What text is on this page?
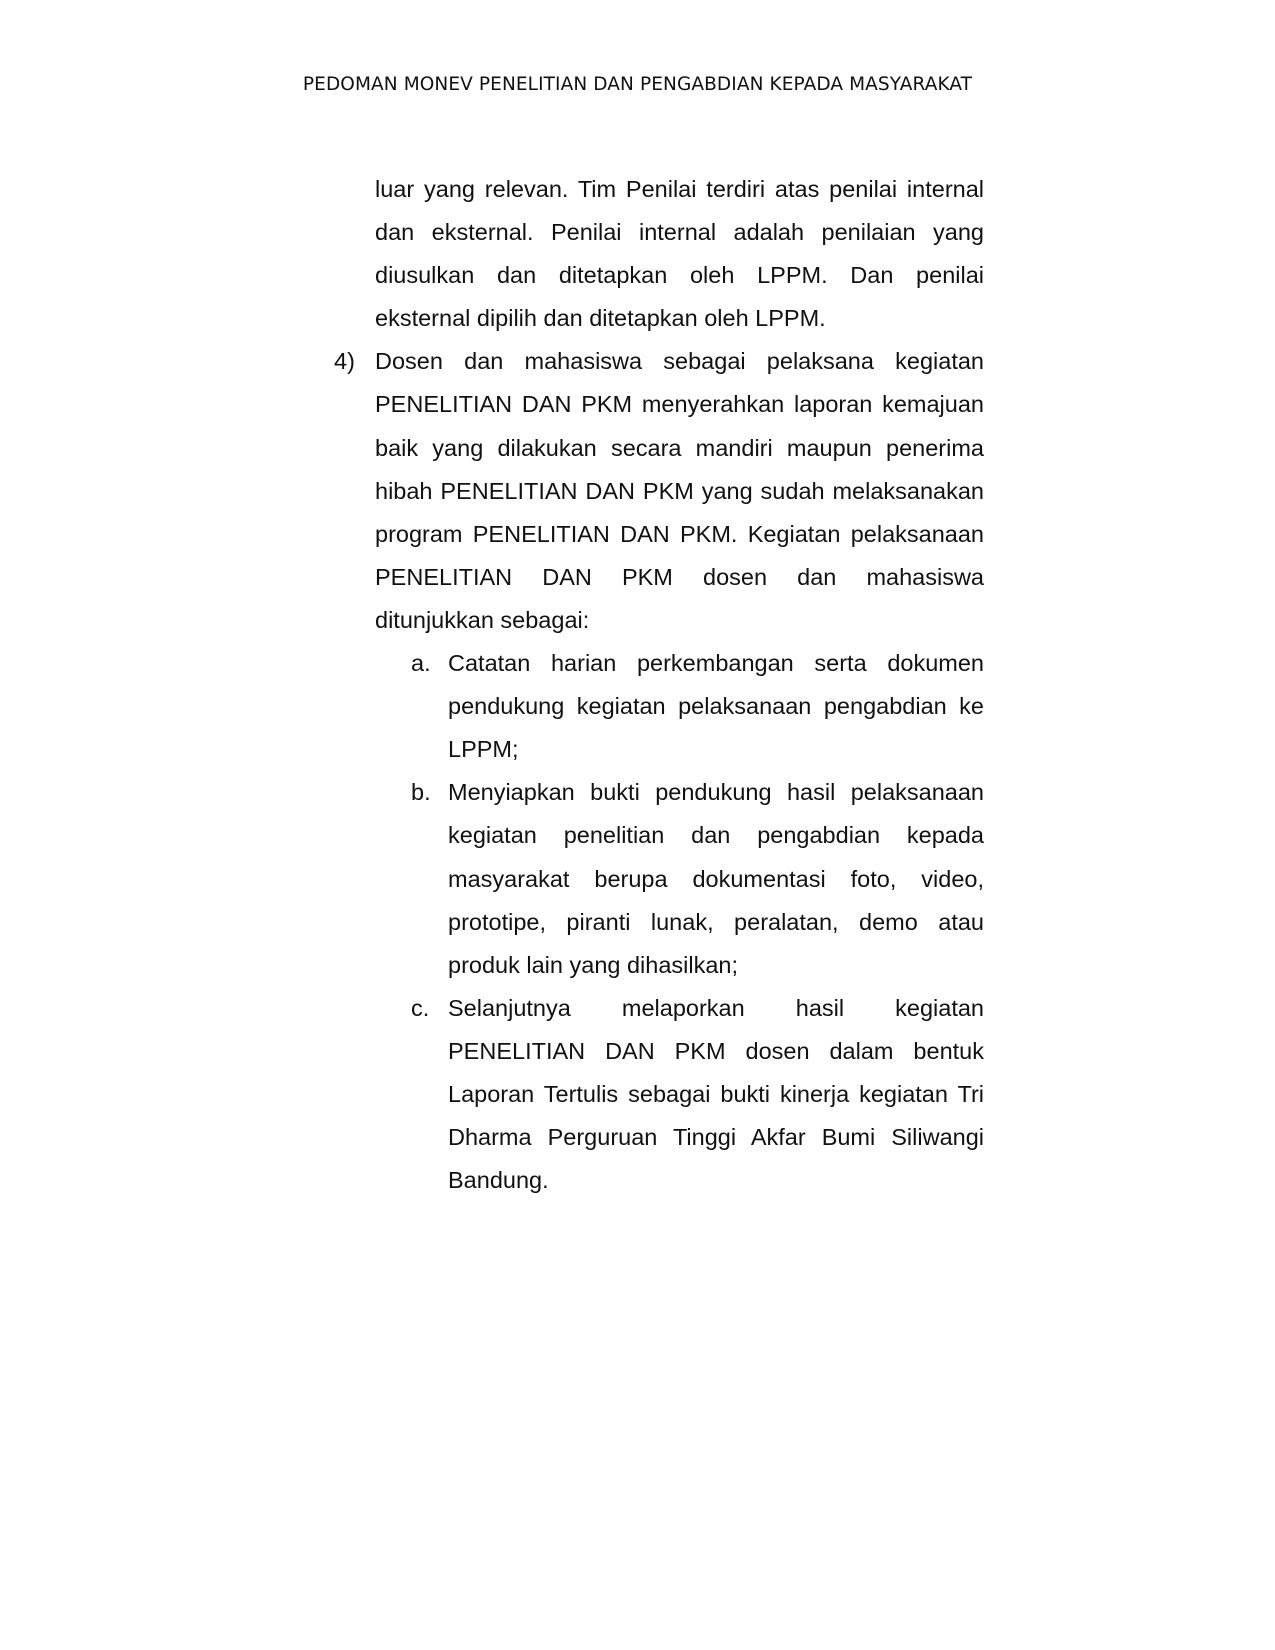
PEDOMAN MONEV PENELITIAN DAN PENGABDIAN KEPADA MASYARAKAT

luar yang relevan. Tim Penilai terdiri atas penilai internal dan eksternal. Penilai internal adalah penilaian yang diusulkan dan ditetapkan oleh LPPM. Dan penilai eksternal dipilih dan ditetapkan oleh LPPM.

4) Dosen dan mahasiswa sebagai pelaksana kegiatan PENELITIAN DAN PKM menyerahkan laporan kemajuan baik yang dilakukan secara mandiri maupun penerima hibah PENELITIAN DAN PKM yang sudah melaksanakan program PENELITIAN DAN PKM. Kegiatan pelaksanaan PENELITIAN DAN PKM dosen dan mahasiswa ditunjukkan sebagai:

a. Catatan harian perkembangan serta dokumen pendukung kegiatan pelaksanaan pengabdian ke LPPM;

b. Menyiapkan bukti pendukung hasil pelaksanaan kegiatan penelitian dan pengabdian kepada masyarakat berupa dokumentasi foto, video, prototipe, piranti lunak, peralatan, demo atau produk lain yang dihasilkan;

c. Selanjutnya melaporkan hasil kegiatan PENELITIAN DAN PKM dosen dalam bentuk Laporan Tertulis sebagai bukti kinerja kegiatan Tri Dharma Perguruan Tinggi Akfar Bumi Siliwangi Bandung.
